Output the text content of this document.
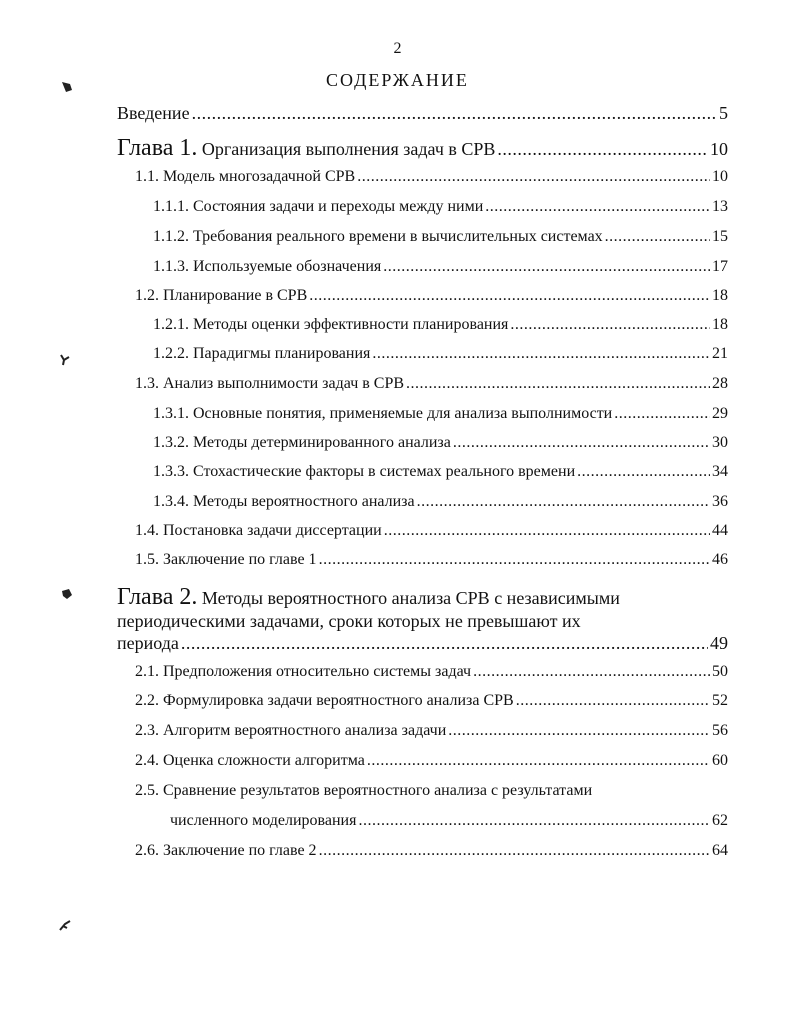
2
СОДЕРЖАНИЕ
Введение .....	5
Глава 1. Организация выполнения задач в СРВ .....	10
1.1. Модель многозадачной СРВ .....	10
1.1.1. Состояния задачи и переходы между ними .....	13
1.1.2. Требования реального времени в вычислительных системах .....	15
1.1.3. Используемые обозначения .....	17
1.2. Планирование в СРВ .....	18
1.2.1. Методы оценки эффективности планирования .....	18
1.2.2. Парадигмы планирования .....	21
1.3. Анализ выполнимости задач в СРВ .....	28
1.3.1. Основные понятия, применяемые для анализа выполнимости .....	29
1.3.2. Методы детерминированного анализа .....	30
1.3.3. Стохастические факторы в системах реального времени .....	34
1.3.4. Методы вероятностного анализа .....	36
1.4. Постановка задачи диссертации .....	44
1.5. Заключение по главе 1 .....	46
Глава 2. Методы вероятностного анализа СРВ с независимыми
периодическими задачами, сроки которых не превышают их
периода .....	49
2.1. Предположения относительно системы задач .....	50
2.2. Формулировка задачи вероятностного анализа СРВ .....	52
2.3. Алгоритм вероятностного анализа задачи .....	56
2.4. Оценка сложности алгоритма .....	60
2.5. Сравнение результатов вероятностного анализа с результатами
численного моделирования .....	62
2.6. Заключение по главе 2 .....	64
